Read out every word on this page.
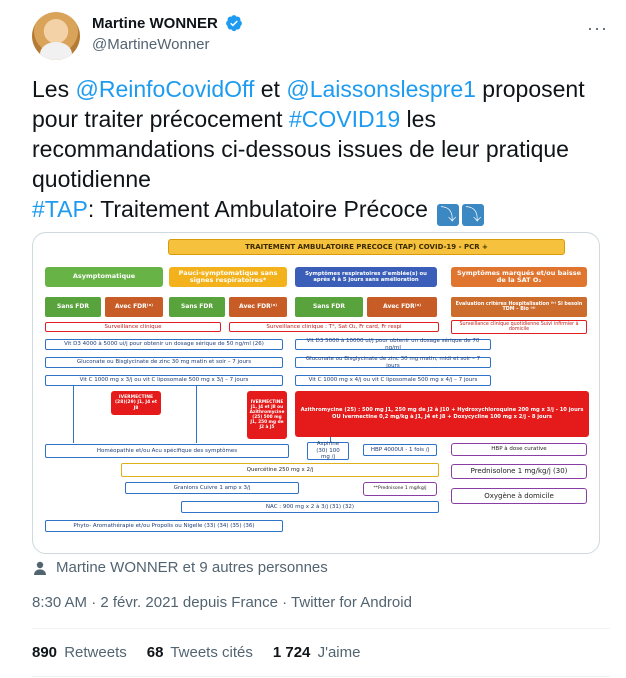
Martine WONNER
@MartineWonner
···
Les @ReinfoCovidOff et @Laissonslespre1 proposent pour traiter précocement #COVID19 les recommandations ci-dessous issues de leur pratique quotidienne
#TAP: Traitement Ambulatoire Précoce ⤵ ⤵
TRAITEMENT AMBULATOIRE PRECOCE (TAP) COVID-19 - PCR +
Asymptomatique	Pauci-symptomatique sans signes respiratoires*
Symptômes respiratoires d'emblée(s) ou après 4 à 5 jours sans amélioration
Symptômes marqués et/ou baisse de la SAT O₂
Sans FDR	Avec FDR⁽ᵃ⁾	Sans FDR	Avec FDR⁽ᵃ⁾	Sans FDR	Avec FDR⁽ᵃ⁾	Evaluation critères Hospitalisation ⁽ᵇ⁾ Si besoin TDM – Bio ⁽ᵈ⁾
Surveillance clinique	Surveillance clinique : T°, Sat O₂, Fr card, Fr respi	Surveillance clinique quotidienne Suivi infirmier à domicile
Vit D3 4000 à 5000 ui/j pour obtenir un dosage sérique de 50 ng/ml (26)
Vit D3 5000 à 10000 ui/j pour obtenir un dosage sérique de 70 ng/ml
Gluconate ou Bisglycinate de zinc 30 mg matin et soir – 7 jours
Gluconate ou Bisglycinate de zinc 30 mg matin, midi et soir – 7 jours
Vit C 1000 mg x 3/j ou vit C liposomale 500 mg x 3/j – 7 jours	Vit C 1000 mg x 4/j ou vit C liposomale 500 mg x 4/j – 7 jours
IVERMECTINE (28)(29) J1, J4 et J8
IVERMECTINE J1, J4 et J8 ou Azithromycine (25) 500 mg J1, 250 mg de J2 à J5
Azithromycine (25) : 500 mg J1, 250 mg de J2 à J10 + Hydroxychloroquine 200 mg x 3/j - 10 jours OU Ivermectine 0,2 mg/kg à J1, J4 et J8 + Doxycycline 100 mg x 2/j - 8 jours
Homéopathie et/ou Acu spécifique des symptômes
Aspirine (30) 100 mg /j
HBP 4000UI - 1 fois /j	HBP à dose curative
Quercétine 250 mg x 2/j	Prednisolone 1 mg/kg/j (30)
Granions Cuivre 1 amp x 3/j	**Prednisone 1 mg/kg/j
Oxygène à domicile
NAC : 900 mg x 2 à 3/j (31) (32)
Phyto- Aromathérapie et/ou Propolis ou Nigelle (33) (34) (35) (36)
Martine WONNER et 9 autres personnes
8:30 AM · 2 févr. 2021 depuis France · Twitter for Android
890 Retweets 68 Tweets cités 1 724 J'aime
